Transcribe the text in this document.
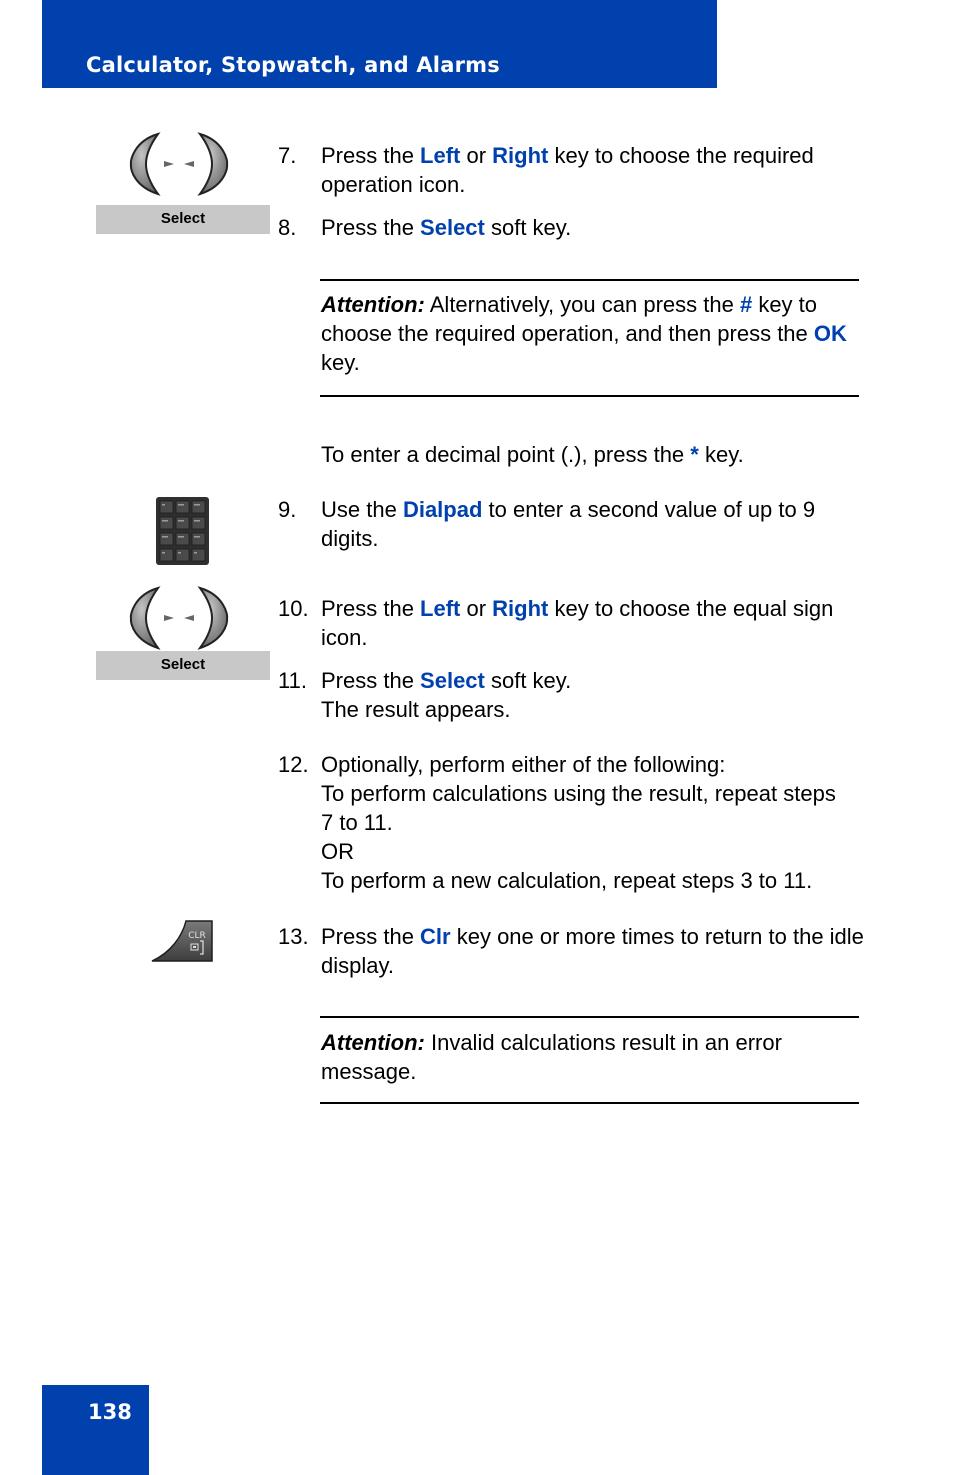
Calculator, Stopwatch, and Alarms
Select
7. Press the Left or Right key to choose the required operation icon.
8. Press the Select soft key.
Attention: Alternatively, you can press the # key to choose the required operation, and then press the OK key.
To enter a decimal point (.), press the * key.
9. Use the Dialpad to enter a second value of up to 9 digits.
Select
10. Press the Left or Right key to choose the equal sign icon.
11. Press the Select soft key.
The result appears.
12. Optionally, perform either of the following:
To perform calculations using the result, repeat steps 7 to 11.
OR
To perform a new calculation, repeat steps 3 to 11.
CLR	13. Press the Clr key one or more times to return to the idle display.
Attention: Invalid calculations result in an error message.
138
